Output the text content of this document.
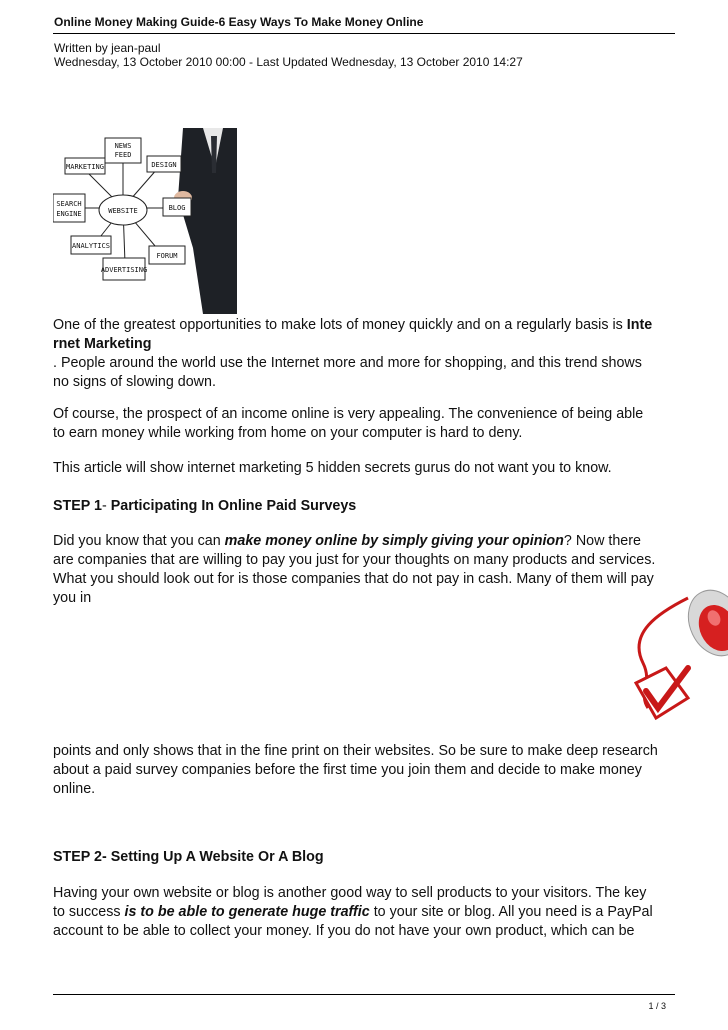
Online Money Making Guide-6 Easy Ways To Make Money Online
Written by jean-paul
Wednesday, 13 October 2010 00:00 - Last Updated Wednesday, 13 October 2010 14:27
NEWS
FEED
MARKETING	DESIGN
SEARCH
ENGINE	WEBSITE	BLOG
ANALYTICS
FORUM
ADVERTISING

One of the greatest opportunities to make lots of money quickly and on a regularly basis is Inte

rnet Marketing

. People around the world use the Internet more and more for shopping, and this trend shows

no signs of slowing down.

Of course, the prospect of an income online is very appealing. The convenience of being able

to earn money while working from home on your computer is hard to deny.

This article will show internet marketing 5 hidden secrets gurus do not want you to know.

STEP 1- Participating In Online Paid Surveys

Did you know that you can make money online by simply giving your opinion? Now there

are companies that are willing to pay you just for your thoughts on many products and services.

What you should look out for is those companies that do not pay in cash. Many of them will pay

you in

points and only shows that in the fine print on their websites. So be sure to make deep research

about a paid survey companies before the first time you join them and decide to make money

online.

STEP 2- Setting Up A Website Or A Blog

Having your own website or blog is another good way to sell products to your visitors. The key

to success is to be able to generate huge traffic to your site or blog. All you need is a PayPal

account to be able to collect your money. If you do not have your own product, which can be

1 / 3
